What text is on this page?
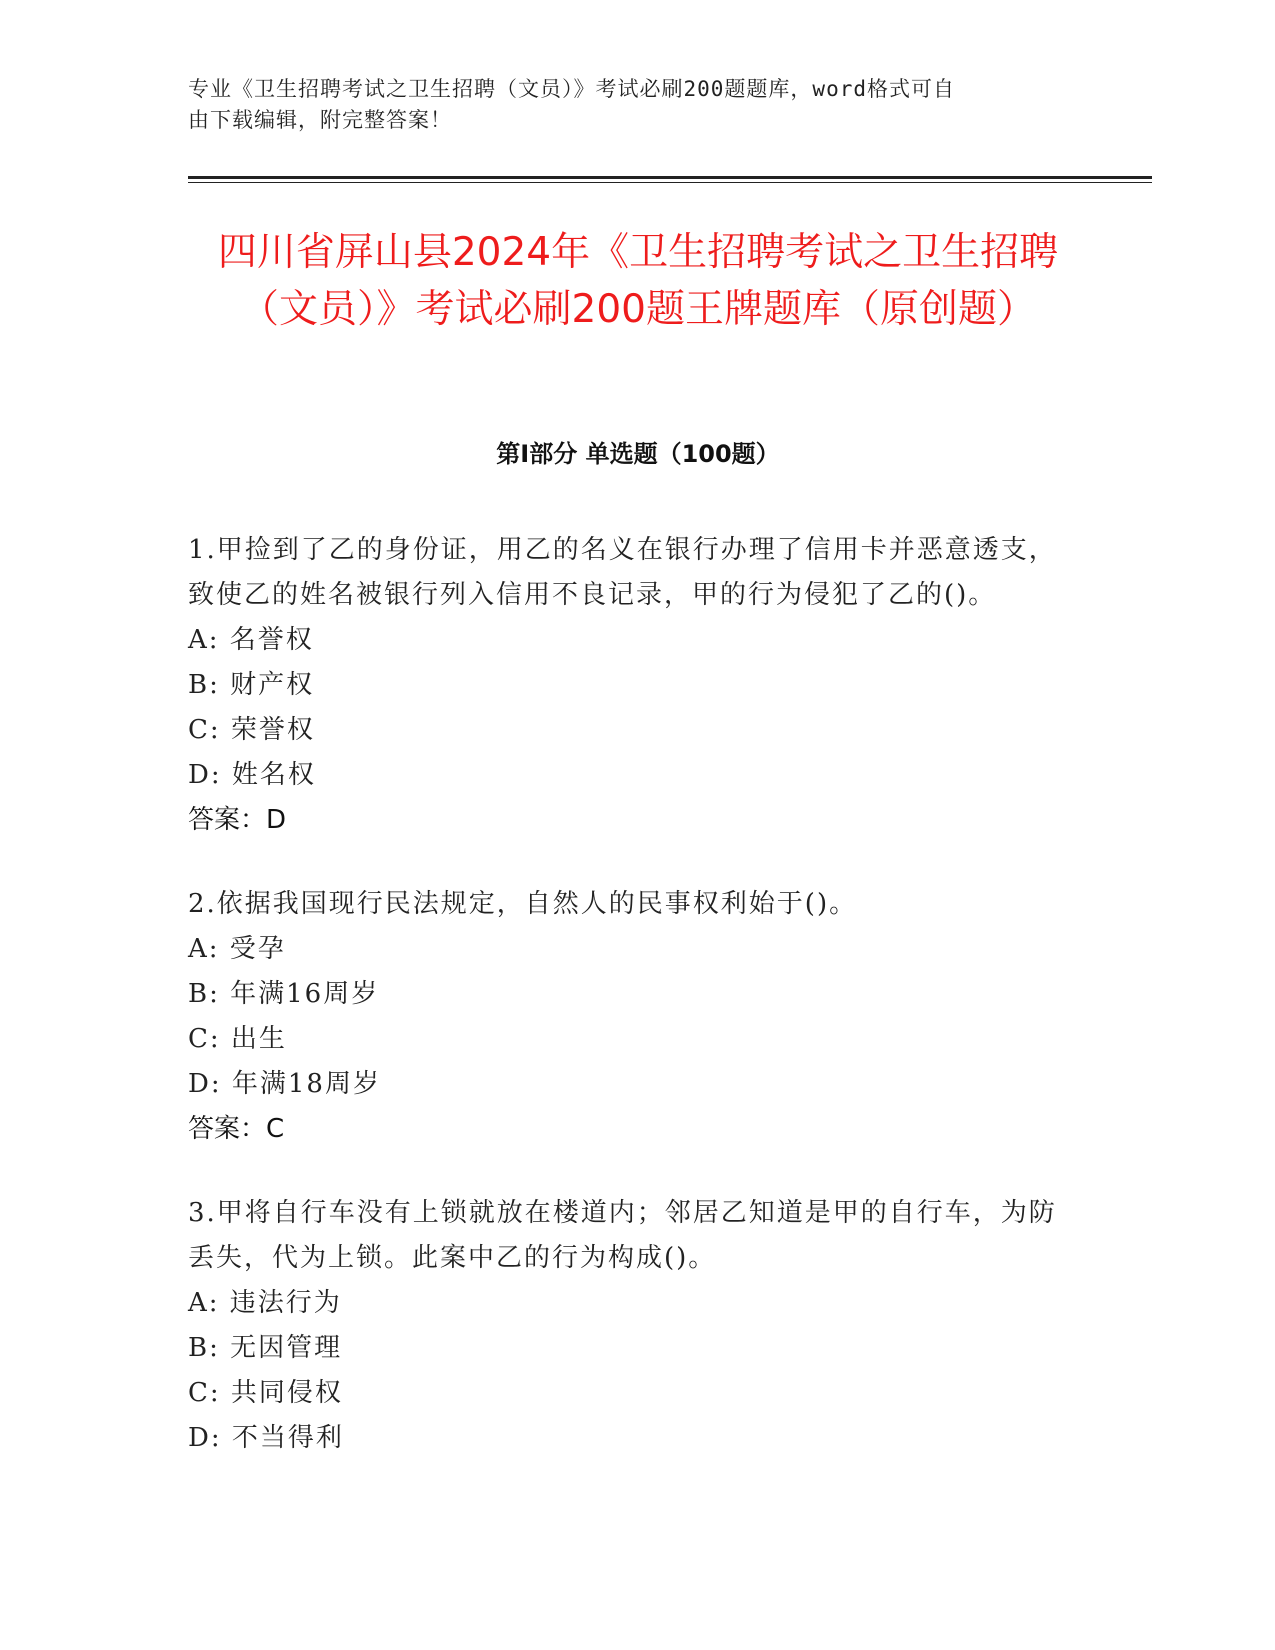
专业《卫生招聘考试之卫生招聘（文员）》考试必刷200题题库，word格式可自
由下载编辑，附完整答案！

四川省屏山县2024年《卫生招聘考试之卫生招聘（文员）》考试必刷200题王牌题库（原创题）
第Ⅰ部分 单选题（100题）

1.甲捡到了乙的身份证，用乙的名义在银行办理了信用卡并恶意透支，致使乙的姓名被银行列入信用不良记录，甲的行为侵犯了乙的()。

A: 名誉权

B: 财产权

C: 荣誉权

D: 姓名权

答案：D

2.依据我国现行民法规定，自然人的民事权利始于()。

A: 受孕

B: 年满16周岁

C: 出生

D: 年满18周岁

答案：C

3.甲将自行车没有上锁就放在楼道内；邻居乙知道是甲的自行车，为防丢失，代为上锁。此案中乙的行为构成()。

A: 违法行为

B: 无因管理

C: 共同侵权

D: 不当得利
